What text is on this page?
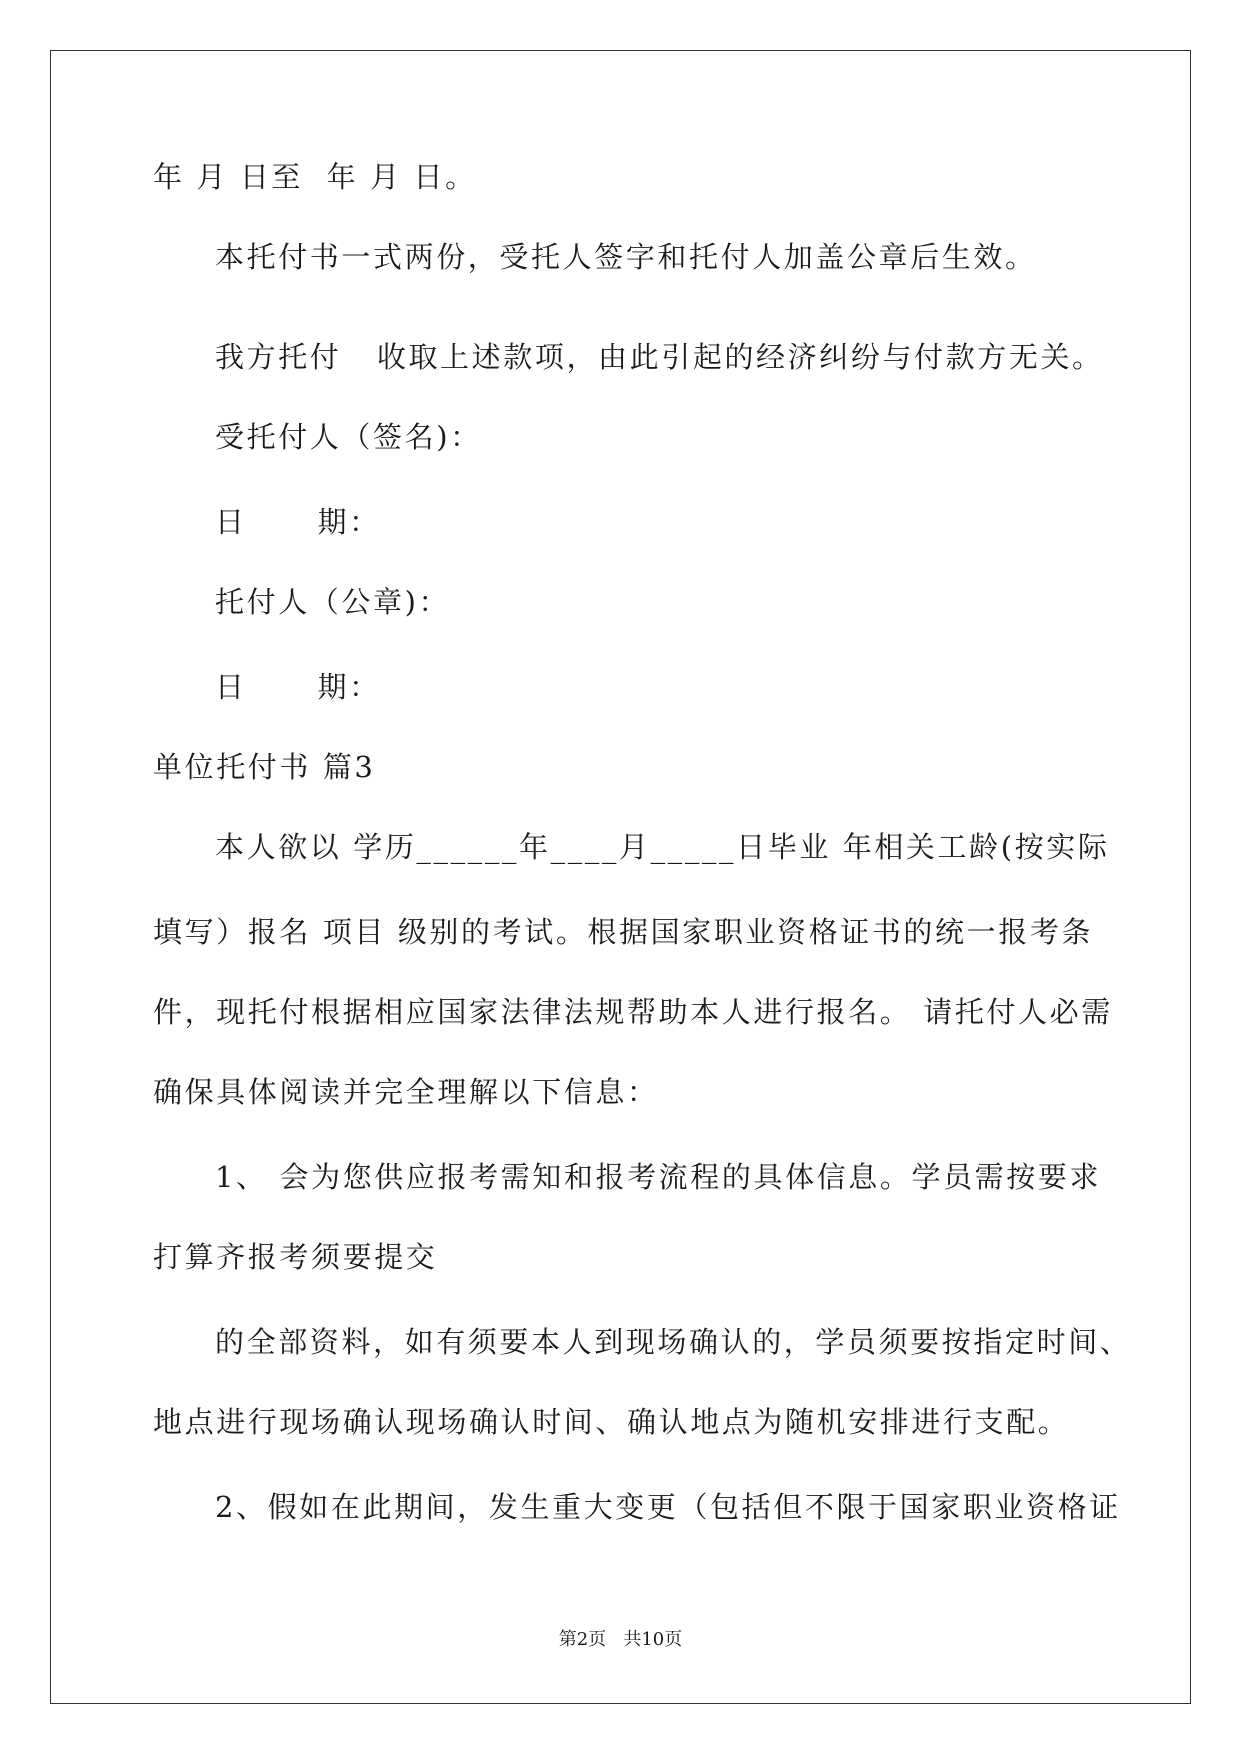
年 月 日至  年 月 日。
本托付书一式两份，受托人签字和托付人加盖公章后生效。
我方托付   收取上述款项，由此引起的经济纠纷与付款方无关。
受托付人（签名)：
日      期：
托付人（公章)：
日      期：
单位托付书 篇3
本人欲以 学历______年____月_____日毕业 年相关工龄(按实际
填写）报名 项目 级别的考试。根据国家职业资格证书的统一报考条
件，现托付根据相应国家法律法规帮助本人进行报名。 请托付人必需
确保具体阅读并完全理解以下信息：
1、 会为您供应报考需知和报考流程的具体信息。学员需按要求
打算齐报考须要提交
的全部资料，如有须要本人到现场确认的，学员须要按指定时间、
地点进行现场确认现场确认时间、确认地点为随机安排进行支配。
2、假如在此期间，发生重大变更（包括但不限于国家职业资格证
第2页   共10页
